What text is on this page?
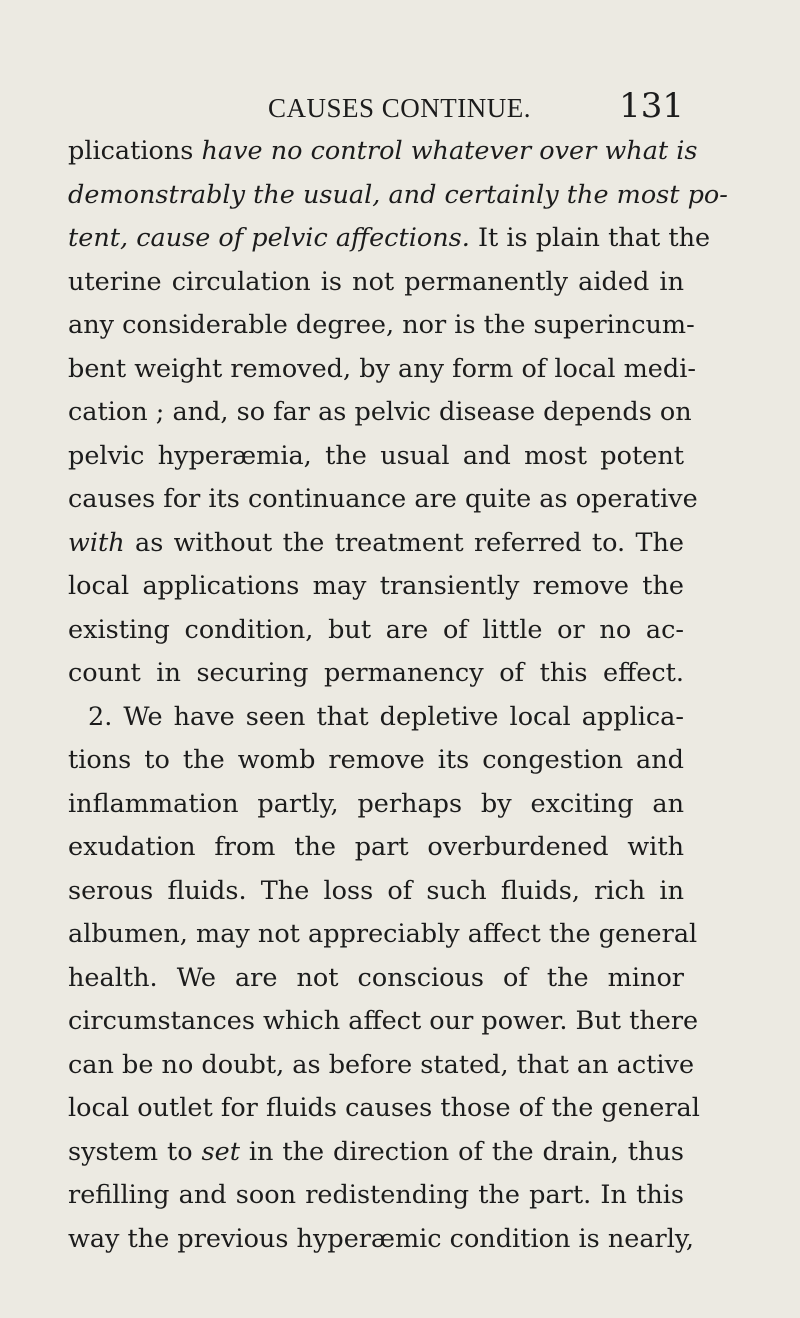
CAUSES CONTINUE.	131
plications have no control whatever over what is
demonstrably the usual, and certainly the most po-
tent, cause of pelvic affections. It is plain that the
uterine circulation is not permanently aided in
any considerable degree, nor is the superincum-
bent weight removed, by any form of local medi-
cation ; and, so far as pelvic disease depends on
pelvic hyperæmia, the usual and most potent
causes for its continuance are quite as operative
with as without the treatment referred to. The
local applications may transiently remove the
existing condition, but are of little or no ac-
count in securing permanency of this effect.
2. We have seen that depletive local applica-
tions to the womb remove its congestion and
inflammation partly, perhaps by exciting an
exudation from the part overburdened with
serous fluids. The loss of such fluids, rich in
albumen, may not appreciably affect the general
health. We are not conscious of the minor
circumstances which affect our power. But there
can be no doubt, as before stated, that an active
local outlet for fluids causes those of the general
system to set in the direction of the drain, thus
refilling and soon redistending the part. In this
way the previous hyperæmic condition is nearly,
